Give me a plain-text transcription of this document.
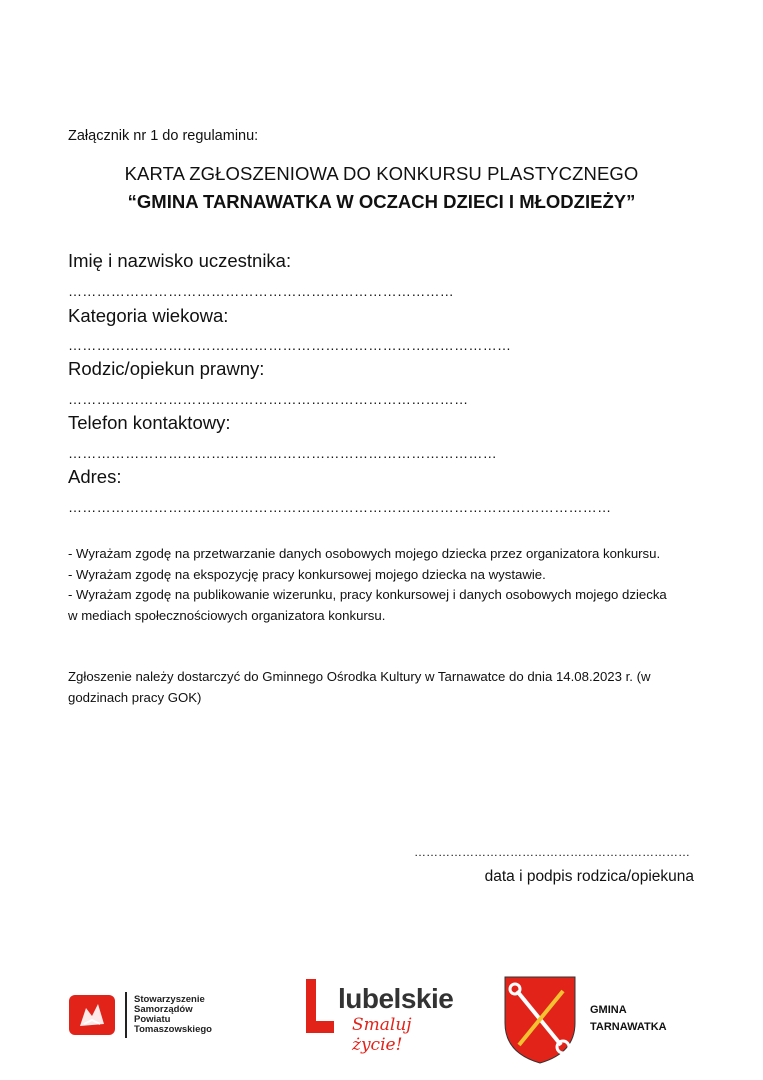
Załącznik nr 1 do regulaminu:
KARTA ZGŁOSZENIOWA DO KONKURSU PLASTYCZNEGO
“GMINA TARNAWATKA W OCZACH DZIECI I MŁODZIEŻY”
Imię i nazwisko uczestnika:
………………………………………………………………………
Kategoria wiekowa:
…………………………………………………………………………………
Rodzic/opiekun prawny:
…………………………………………………………………………
Telefon kontaktowy:
………………………………………………………………………………
Adres:
……………………………………………………………………………………………………
- Wyrażam zgodę na przetwarzanie danych osobowych mojego dziecka przez organizatora konkursu.
- Wyrażam zgodę na ekspozycję pracy konkursowej mojego dziecka na wystawie.
- Wyrażam zgodę na publikowanie wizerunku, pracy konkursowej i danych osobowych mojego dziecka w mediach społecznościowych organizatora konkursu.
Zgłoszenie należy dostarczyć do Gminnego Ośrodka Kultury w Tarnawatce do dnia 14.08.2023 r. (w godzinach pracy GOK)
……………………………………………………………
data i podpis rodzica/opiekuna
Stowarzyszenie
Samorządów
Powiatu
Tomaszowskiego
lubelskie
Smaluj życie!
GMINA
TARNAWATKA
